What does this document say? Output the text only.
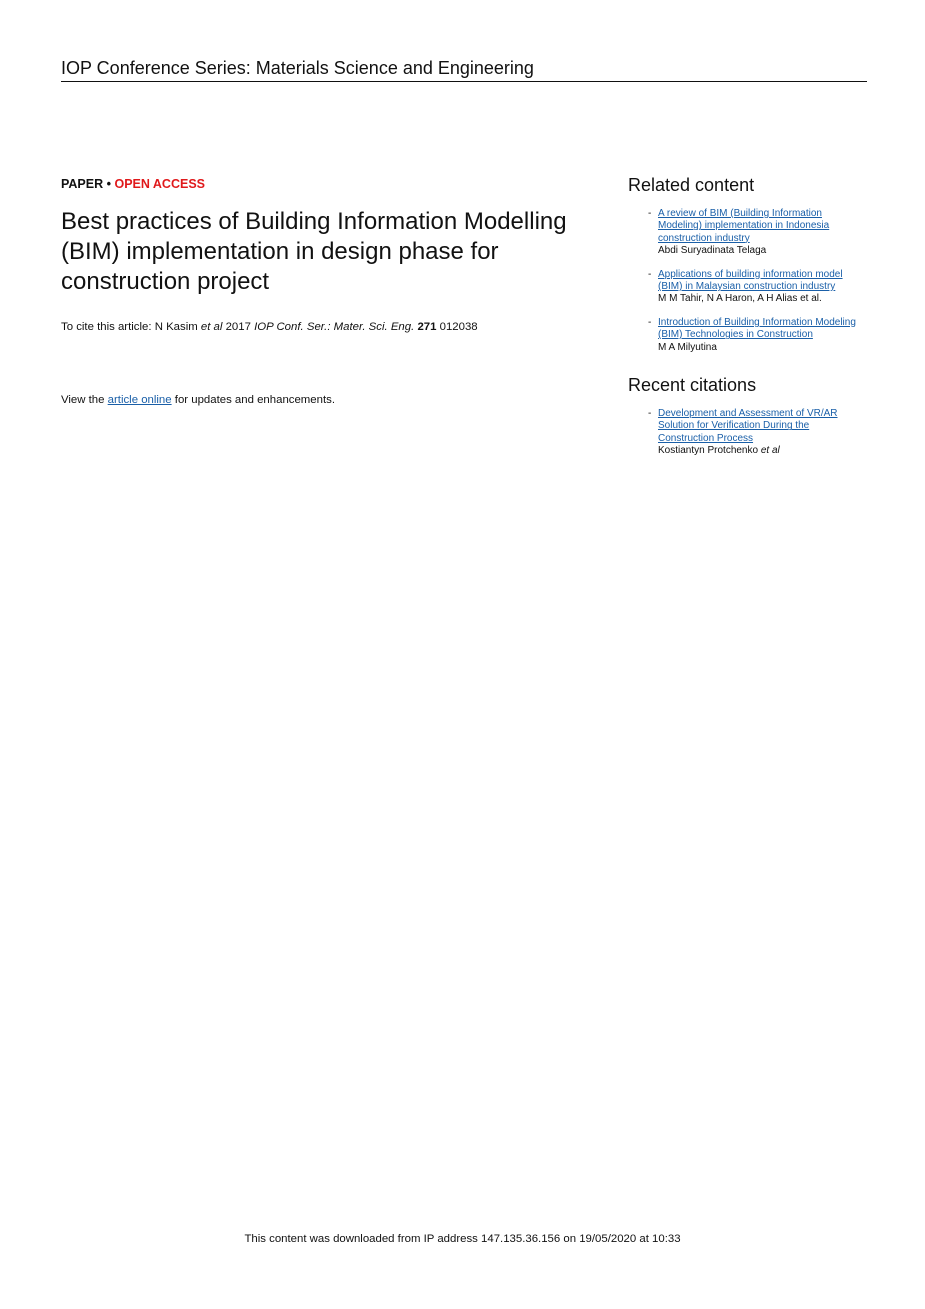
IOP Conference Series: Materials Science and Engineering
PAPER • OPEN ACCESS
Best practices of Building Information Modelling (BIM) implementation in design phase for construction project
To cite this article: N Kasim et al 2017 IOP Conf. Ser.: Mater. Sci. Eng. 271 012038
View the article online for updates and enhancements.
Related content
- A review of BIM (Building Information Modeling) implementation in Indonesia construction industry
Abdi Suryadinata Telaga
- Applications of building information model (BIM) in Malaysian construction industry
M M Tahir, N A Haron, A H Alias et al.
- Introduction of Building Information Modeling (BIM) Technologies in Construction
M A Milyutina
Recent citations
- Development and Assessment of VR/AR Solution for Verification During the Construction Process
Kostiantyn Protchenko et al
This content was downloaded from IP address 147.135.36.156 on 19/05/2020 at 10:33
